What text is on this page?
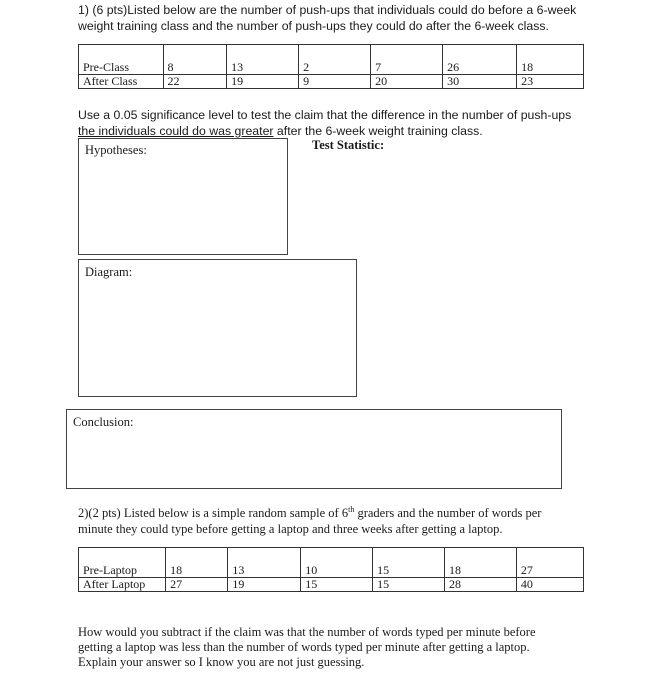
1) (6 pts)Listed below are the number of push-ups that individuals could do before a 6-week weight training class and the number of push-ups they could do after the 6-week class.

Pre-Class	8	13	2	7	26	18
After Class	22	19	9	20	30	23
Use a 0.05 significance level to test the claim that the difference in the number of push-ups
the individuals could do was greater after the 6-week weight training class.
Hypotheses:	Test Statistic:
Diagram:
Conclusion:
2)(2 pts) Listed below is a simple random sample of 6th graders and the number of words per minute they could type before getting a laptop and three weeks after getting a laptop.

Pre-Laptop	18	13	10	15	18	27
After Laptop	27	19	15	15	28	40
How would you subtract if the claim was that the number of words typed per minute before getting a laptop was less than the number of words typed per minute after getting a laptop. Explain your answer so I know you are not just guessing.
